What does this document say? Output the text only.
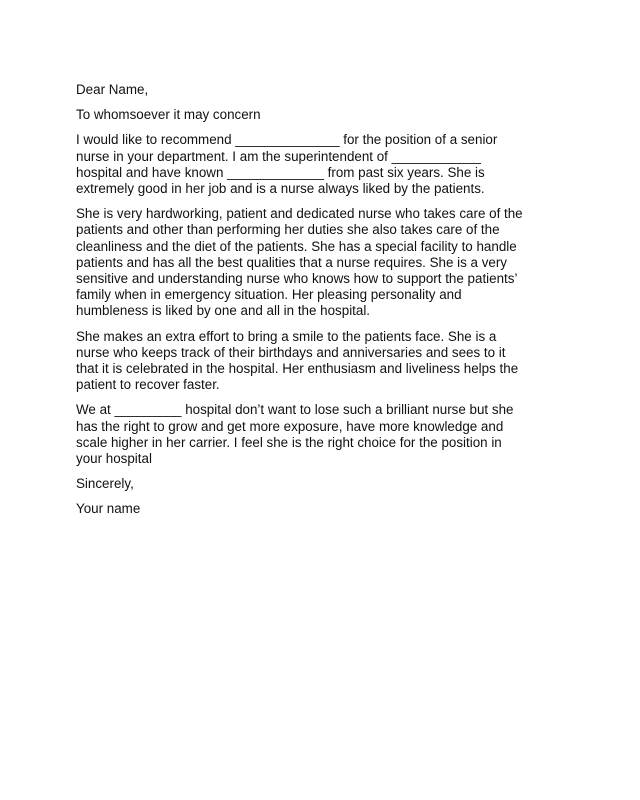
Dear Name,

To whomsoever it may concern

I would like to recommend ______________ for the position of a senior
nurse in your department. I am the superintendent of ____________
hospital and have known _____________ from past six years. She is
extremely good in her job and is a nurse always liked by the patients.

She is very hardworking, patient and dedicated nurse who takes care of the
patients and other than performing her duties she also takes care of the
cleanliness and the diet of the patients. She has a special facility to handle
patients and has all the best qualities that a nurse requires. She is a very
sensitive and understanding nurse who knows how to support the patients’
family when in emergency situation. Her pleasing personality and
humbleness is liked by one and all in the hospital.

She makes an extra effort to bring a smile to the patients face. She is a
nurse who keeps track of their birthdays and anniversaries and sees to it
that it is celebrated in the hospital. Her enthusiasm and liveliness helps the
patient to recover faster.

We at _________ hospital don’t want to lose such a brilliant nurse but she
has the right to grow and get more exposure, have more knowledge and
scale higher in her carrier. I feel she is the right choice for the position in
your hospital

Sincerely,

Your name
